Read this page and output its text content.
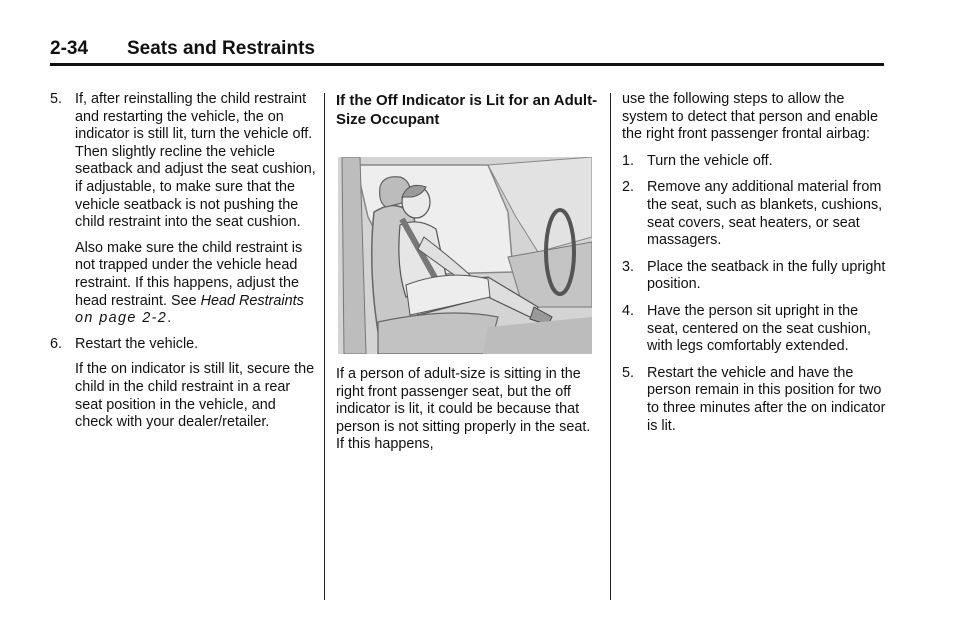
2-34 Seats and Restraints
5. If, after reinstalling the child restraint and restarting the vehicle, the on indicator is still lit, turn the vehicle off. Then slightly recline the vehicle seatback and adjust the seat cushion,

if adjustable, to make sure that the vehicle seatback is not pushing the child restraint into the seat cushion.

Also make sure the child restraint is not trapped under the vehicle head restraint. If this happens, adjust the head restraint. See Head Restraints on page 2-2.

6. Restart the vehicle.

If the on indicator is still lit, secure the child in the child restraint in a rear seat position in the vehicle, and check with your dealer/retailer.

If the Off Indicator is Lit for an Adult-Size Occupant

If a person of adult-size is sitting in the right front passenger seat, but the off indicator is lit, it could be because that person is not sitting properly in the seat. If this happens,

use the following steps to allow the system to detect that person and enable the right front passenger frontal airbag:

1. Turn the vehicle off.

2. Remove any additional material from the seat, such as blankets, cushions, seat covers, seat heaters, or seat massagers.

3. Place the seatback in the fully upright position.

4. Have the person sit upright in the seat, centered on the seat cushion, with legs comfortably extended.

5. Restart the vehicle and have the person remain in this position for two to three minutes after the on indicator is lit.
